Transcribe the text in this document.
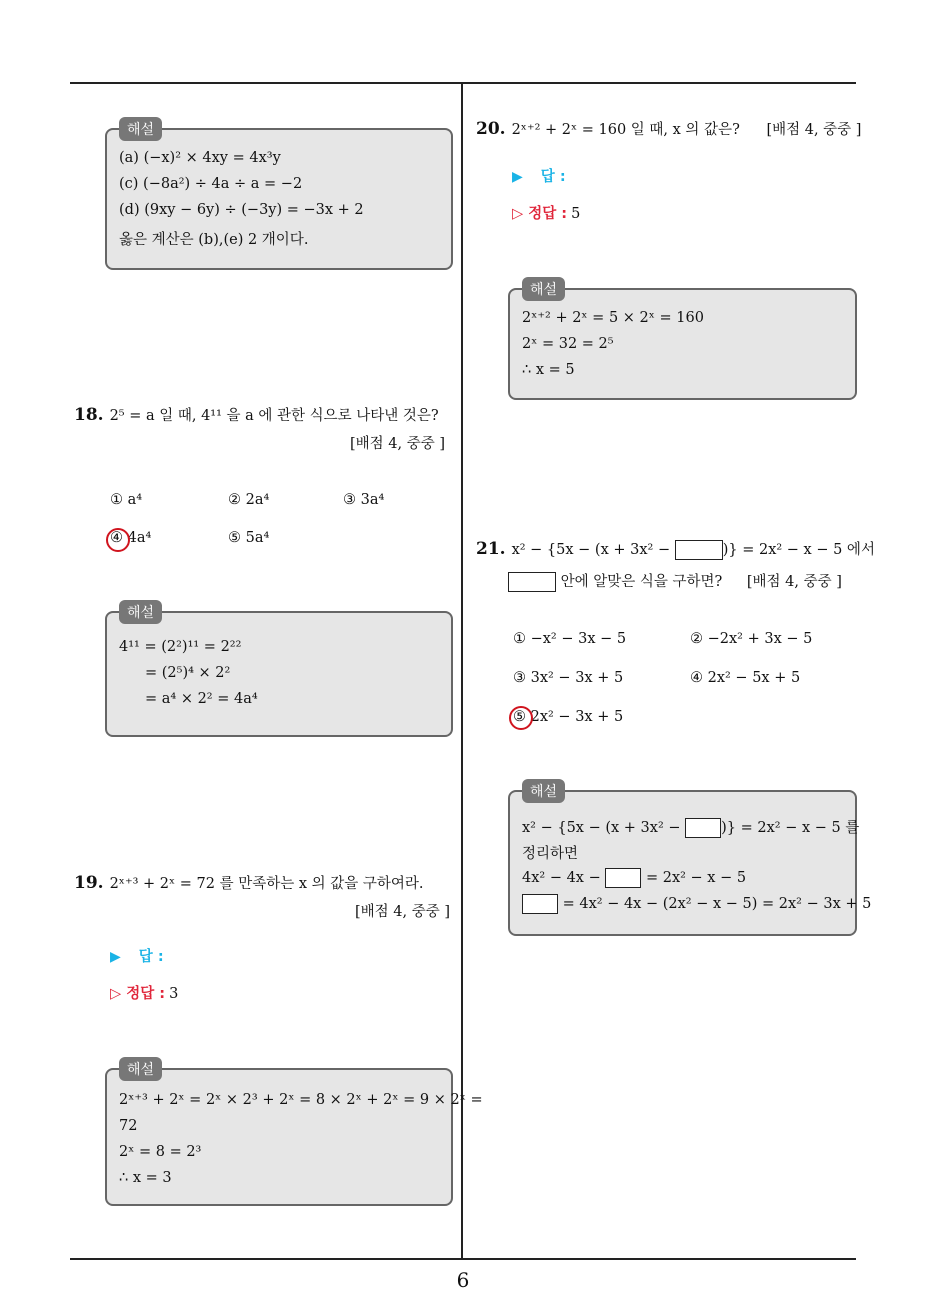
해설
(a) (−x)² × 4xy = 4x³y
(c) (−8a²) ÷ 4a ÷ a = −2
(d) (9xy − 6y) ÷ (−3y) = −3x + 2
옳은 계산은 (b),(e) 2 개이다.
18. 2⁵ = a 일 때, 4¹¹ 을 a 에 관한 식으로 나타낸 것은?
[배점 4, 중중 ]
① a⁴	② 2a⁴	③ 3a⁴
④ 4a⁴	⑤ 5a⁴
해설
4¹¹ = (2²)¹¹ = 2²²
= (2⁵)⁴ × 2²
= a⁴ × 2² = 4a⁴
19. 2ˣ⁺³ + 2ˣ = 72 를 만족하는 x 의 값을 구하여라.
[배점 4, 중중 ]
▶ 답 :
▷ 정답 : 3
해설
2ˣ⁺³ + 2ˣ = 2ˣ × 2³ + 2ˣ = 8 × 2ˣ + 2ˣ = 9 × 2ˣ =
72
2ˣ = 8 = 2³
∴ x = 3
20. 2ˣ⁺² + 2ˣ = 160 일 때, x 의 값은? [배점 4, 중중 ]
▶ 답 :
▷ 정답 : 5
해설
2ˣ⁺² + 2ˣ = 5 × 2ˣ = 160
2ˣ = 32 = 2⁵
∴ x = 5
21. x² − {5x − (x + 3x² −	)} = 2x² − x − 5 에서
안에 알맞은 식을 구하면? [배점 4, 중중 ]
① −x² − 3x − 5	② −2x² + 3x − 5
③ 3x² − 3x + 5	④ 2x² − 5x + 5
⑤ 2x² − 3x + 5
해설
x² − {5x − (x + 3x² −	)} = 2x² − x − 5 를
정리하면
4x² − 4x −	= 2x² − x − 5
= 4x² − 4x − (2x² − x − 5) = 2x² − 3x + 5
6
